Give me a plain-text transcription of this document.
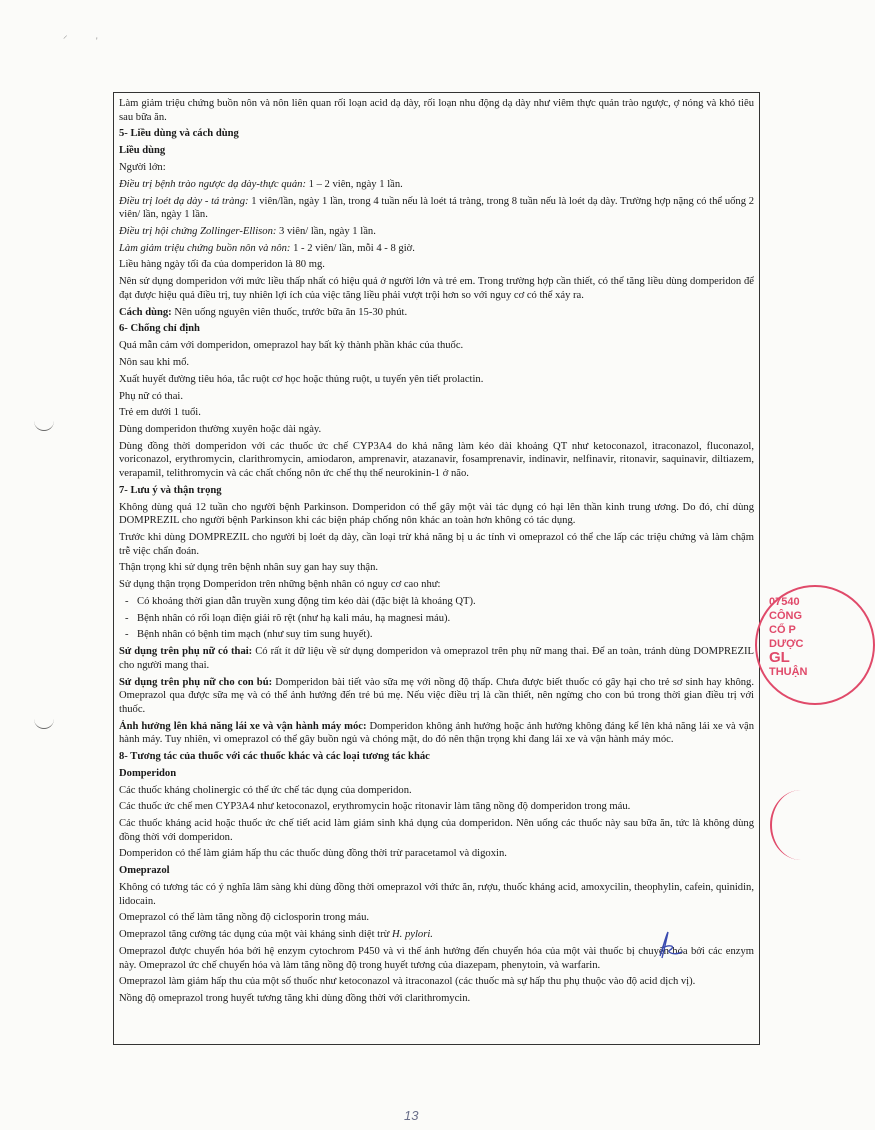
⸝
'

Làm giảm triệu chứng buồn nôn và nôn liên quan rối loạn acid dạ dày, rối loạn nhu động dạ dày như viêm thực quản trào ngược, ợ nóng và khó tiêu sau bữa ăn.

5- Liều dùng và cách dùng

Liều dùng

Người lớn:

Điều trị bệnh trào ngược dạ dày-thực quản: 1 – 2 viên, ngày 1 lần.

Điều trị loét dạ dày - tá tràng: 1 viên/lần, ngày 1 lần, trong 4 tuần nếu là loét tá tràng, trong 8 tuần nếu là loét dạ dày. Trường hợp nặng có thể uống 2 viên/ lần, ngày 1 lần.

Điều trị hội chứng Zollinger-Ellison: 3 viên/ lần, ngày 1 lần.

Làm giảm triệu chứng buồn nôn và nôn: 1 - 2 viên/ lần, mỗi 4 - 8 giờ.

Liều hàng ngày tối đa của domperidon là 80 mg.

Nên sử dụng domperidon với mức liều thấp nhất có hiệu quả ở người lớn và trẻ em. Trong trường hợp cần thiết, có thể tăng liều dùng domperidon để đạt được hiệu quả điều trị, tuy nhiên lợi ích của việc tăng liều phải vượt trội hơn so với nguy cơ có thể xảy ra.

Cách dùng: Nên uống nguyên viên thuốc, trước bữa ăn 15-30 phút.

6- Chống chỉ định

Quá mẫn cảm với domperidon, omeprazol hay bất kỳ thành phần khác của thuốc.

Nôn sau khi mổ.

Xuất huyết đường tiêu hóa, tắc ruột cơ học hoặc thủng ruột, u tuyến yên tiết prolactin.

Phụ nữ có thai.

Trẻ em dưới 1 tuổi.

Dùng domperidon thường xuyên hoặc dài ngày.

Dùng đồng thời domperidon với các thuốc ức chế CYP3A4 do khả năng làm kéo dài khoảng QT như ketoconazol, itraconazol, fluconazol, voriconazol, erythromycin, clarithromycin, amiodaron, amprenavir, atazanavir, fosamprenavir, indinavir, nelfinavir, ritonavir, saquinavir, diltiazem, verapamil, telithromycin và các chất chống nôn ức chế thụ thể neurokinin-1 ở não.

7- Lưu ý và thận trọng

Không dùng quá 12 tuần cho người bệnh Parkinson. Domperidon có thể gây một vài tác dụng có hại lên thần kinh trung ương. Do đó, chỉ dùng DOMPREZIL cho người bệnh Parkinson khi các biện pháp chống nôn khác an toàn hơn không có tác dụng.

Trước khi dùng DOMPREZIL cho người bị loét dạ dày, cần loại trừ khả năng bị u ác tính vì omeprazol có thể che lấp các triệu chứng và làm chậm trễ việc chẩn đoán.

Thận trọng khi sử dụng trên bệnh nhân suy gan hay suy thận.

Sử dụng thận trọng Domperidon trên những bệnh nhân có nguy cơ cao như:

- Có khoảng thời gian dẫn truyền xung động tim kéo dài (đặc biệt là khoảng QT).

- Bệnh nhân có rối loạn điện giải rõ rệt (như hạ kali máu, hạ magnesi máu).

- Bệnh nhân có bệnh tim mạch (như suy tim sung huyết).

Sử dụng trên phụ nữ có thai: Có rất ít dữ liệu về sử dụng domperidon và omeprazol trên phụ nữ mang thai. Để an toàn, tránh dùng DOMPREZIL cho người mang thai.

Sử dụng trên phụ nữ cho con bú: Domperidon bài tiết vào sữa mẹ với nồng độ thấp. Chưa được biết thuốc có gây hại cho trẻ sơ sinh hay không. Omeprazol qua được sữa mẹ và có thể ảnh hưởng đến trẻ bú mẹ. Nếu việc điều trị là cần thiết, nên ngừng cho con bú trong thời gian điều trị với thuốc.

Ảnh hưởng lên khả năng lái xe và vận hành máy móc: Domperidon không ảnh hưởng hoặc ảnh hưởng không đáng kể lên khả năng lái xe và vận hành máy. Tuy nhiên, vì omeprazol có thể gây buồn ngủ và chóng mặt, do đó nên thận trọng khi đang lái xe và vận hành máy móc.

8- Tương tác của thuốc với các thuốc khác và các loại tương tác khác

Domperidon

Các thuốc kháng cholinergic có thể ức chế tác dụng của domperidon.

Các thuốc ức chế men CYP3A4 như ketoconazol, erythromycin hoặc ritonavir làm tăng nồng độ domperidon trong máu.

Các thuốc kháng acid hoặc thuốc ức chế tiết acid làm giảm sinh khả dụng của domperidon. Nên uống các thuốc này sau bữa ăn, tức là không dùng đồng thời với domperidon.

Domperidon có thể làm giảm hấp thu các thuốc dùng đồng thời trừ paracetamol và digoxin.

Omeprazol

Không có tương tác có ý nghĩa lâm sàng khi dùng đồng thời omeprazol với thức ăn, rượu, thuốc kháng acid, amoxycilin, theophylin, cafein, quinidin, lidocain.

Omeprazol có thể làm tăng nồng độ ciclosporin trong máu.

Omeprazol tăng cường tác dụng của một vài kháng sinh diệt trừ H. pylori.

Omeprazol được chuyển hóa bởi hệ enzym cytochrom P450 và vì thế ảnh hưởng đến chuyển hóa của một vài thuốc bị chuyển hóa bởi các enzym này. Omeprazol ức chế chuyển hóa và làm tăng nồng độ trong huyết tương của diazepam, phenytoin, và warfarin.

Omeprazol làm giảm hấp thu của một số thuốc như ketoconazol và itraconazol (các thuốc mà sự hấp thu phụ thuộc vào độ acid dịch vị).

Nồng độ omeprazol trong huyết tương tăng khi dùng đồng thời với clarithromycin.

07540
CÔNG
CỔ P
DƯỢC
GL
THUẬN
13
